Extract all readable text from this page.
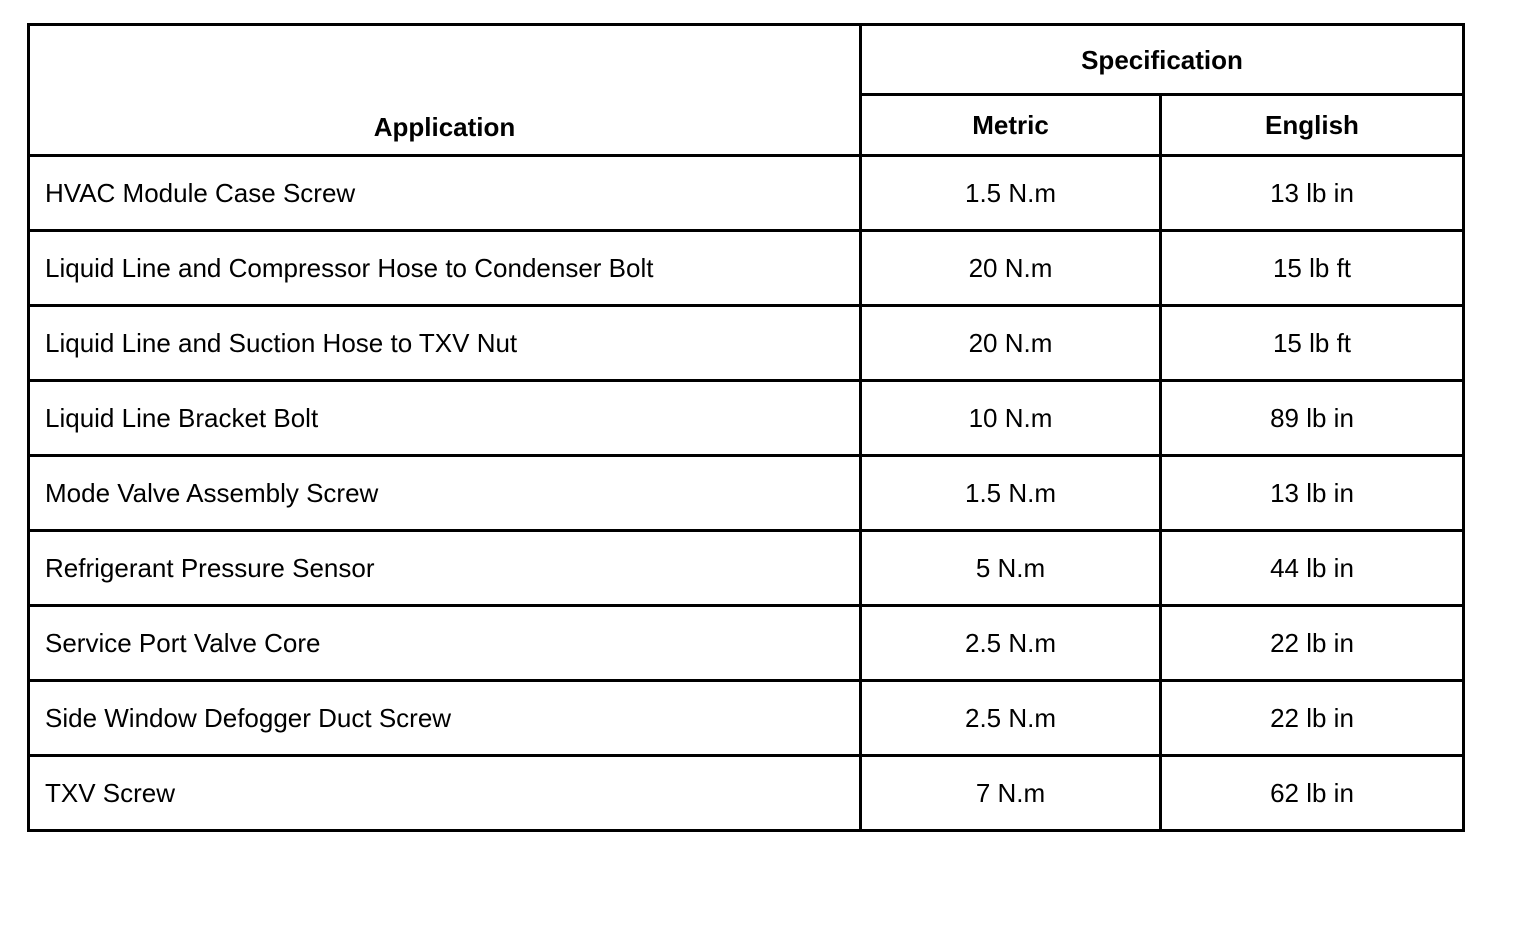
Application	Specification	
	Metric	English
HVAC Module Case Screw	1.5 N.m	13 lb in
Liquid Line and Compressor Hose to Condenser Bolt	20 N.m	15 lb ft
Liquid Line and Suction Hose to TXV Nut	20 N.m	15 lb ft
Liquid Line Bracket Bolt	10 N.m	89 lb in
Mode Valve Assembly Screw	1.5 N.m	13 lb in
Refrigerant Pressure Sensor	5 N.m	44 lb in
Service Port Valve Core	2.5 N.m	22 lb in
Side Window Defogger Duct Screw	2.5 N.m	22 lb in
TXV Screw	7 N.m	62 lb in
